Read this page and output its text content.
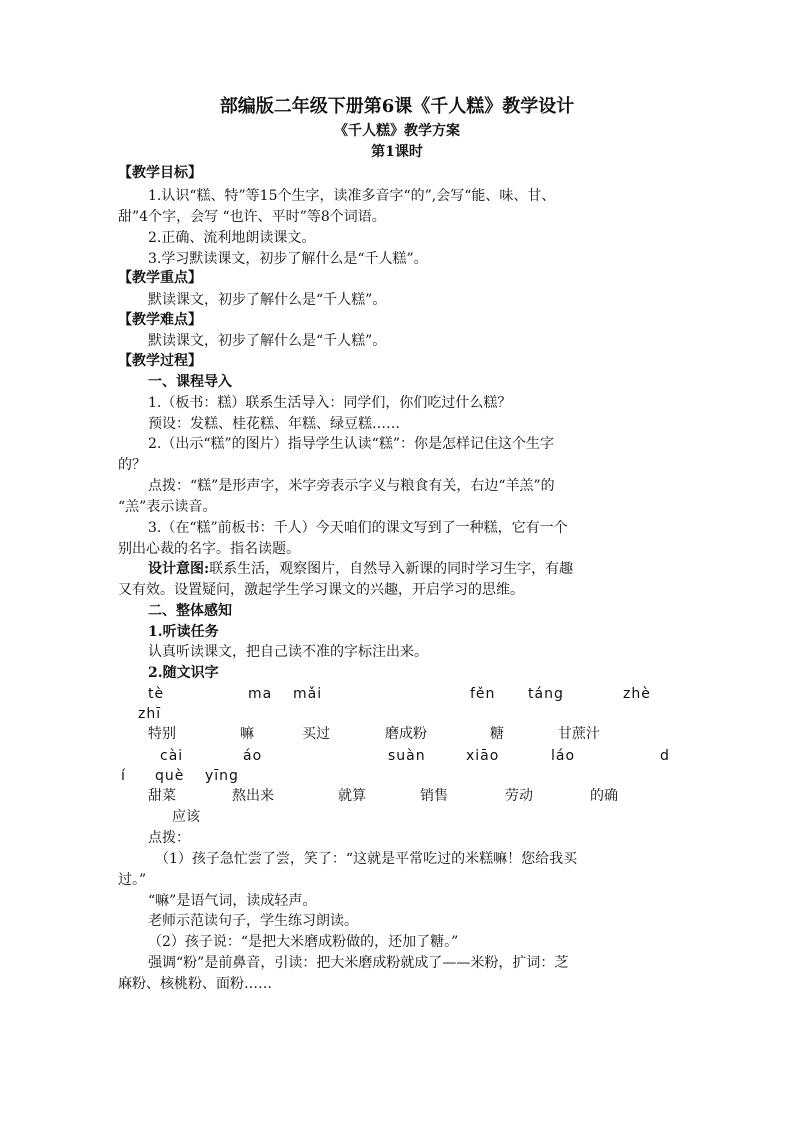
部编版二年级下册第6课《千人糕》教学设计
《千人糕》教学方案
第1课时
【教学目标】
1.认识“糕、特”等15个生字，读准多音字“的”,会写“能、味、甘、
甜”4个字，会写 “也许、平时”等8个词语。
2.正确、流利地朗读课文。
3.学习默读课文，初步了解什么是“千人糕”。
【教学重点】
默读课文，初步了解什么是“千人糕”。
【教学难点】
默读课文，初步了解什么是“千人糕”。
【教学过程】
一、课程导入
1.（板书：糕）联系生活导入：同学们，你们吃过什么糕？
预设：发糕、桂花糕、年糕、绿豆糕……
2.（出示“糕”的图片）指导学生认读“糕”：你是怎样记住这个生字
的？
点拨：“糕”是形声字，米字旁表示字义与粮食有关，右边“羊羔”的
“羔”表示读音。
3.（在“糕”前板书：千人）今天咱们的课文写到了一种糕，它有一个
别出心裁的名字。指名读题。
设计意图:联系生活，观察图片，自然导入新课的同时学习生字，有趣
又有效。设置疑问，激起学生学习课文的兴趣，开启学习的思维。
二、整体感知
1.听读任务
认真听读课文，把自己读不准的字标注出来。
2.随文识字
tè	ma mǎi	fěn táng	zhè
zhī
特别	嘛	买过	磨成粉	糖	甘蔗汁
cài	áo	suàn	xiāo	láo	d
í què yīng
甜菜	熬出来	就算	销售	劳动	的确
应该
点拨：
（1）孩子急忙尝了尝，笑了：“这就是平常吃过的米糕嘛！您给我买
过。”
“嘛”是语气词，读成轻声。
老师示范读句子，学生练习朗读。
（2）孩子说：“是把大米磨成粉做的，还加了糖。”
强调“粉”是前鼻音，引读：把大米磨成粉就成了——米粉，扩词：芝
麻粉、核桃粉、面粉……
